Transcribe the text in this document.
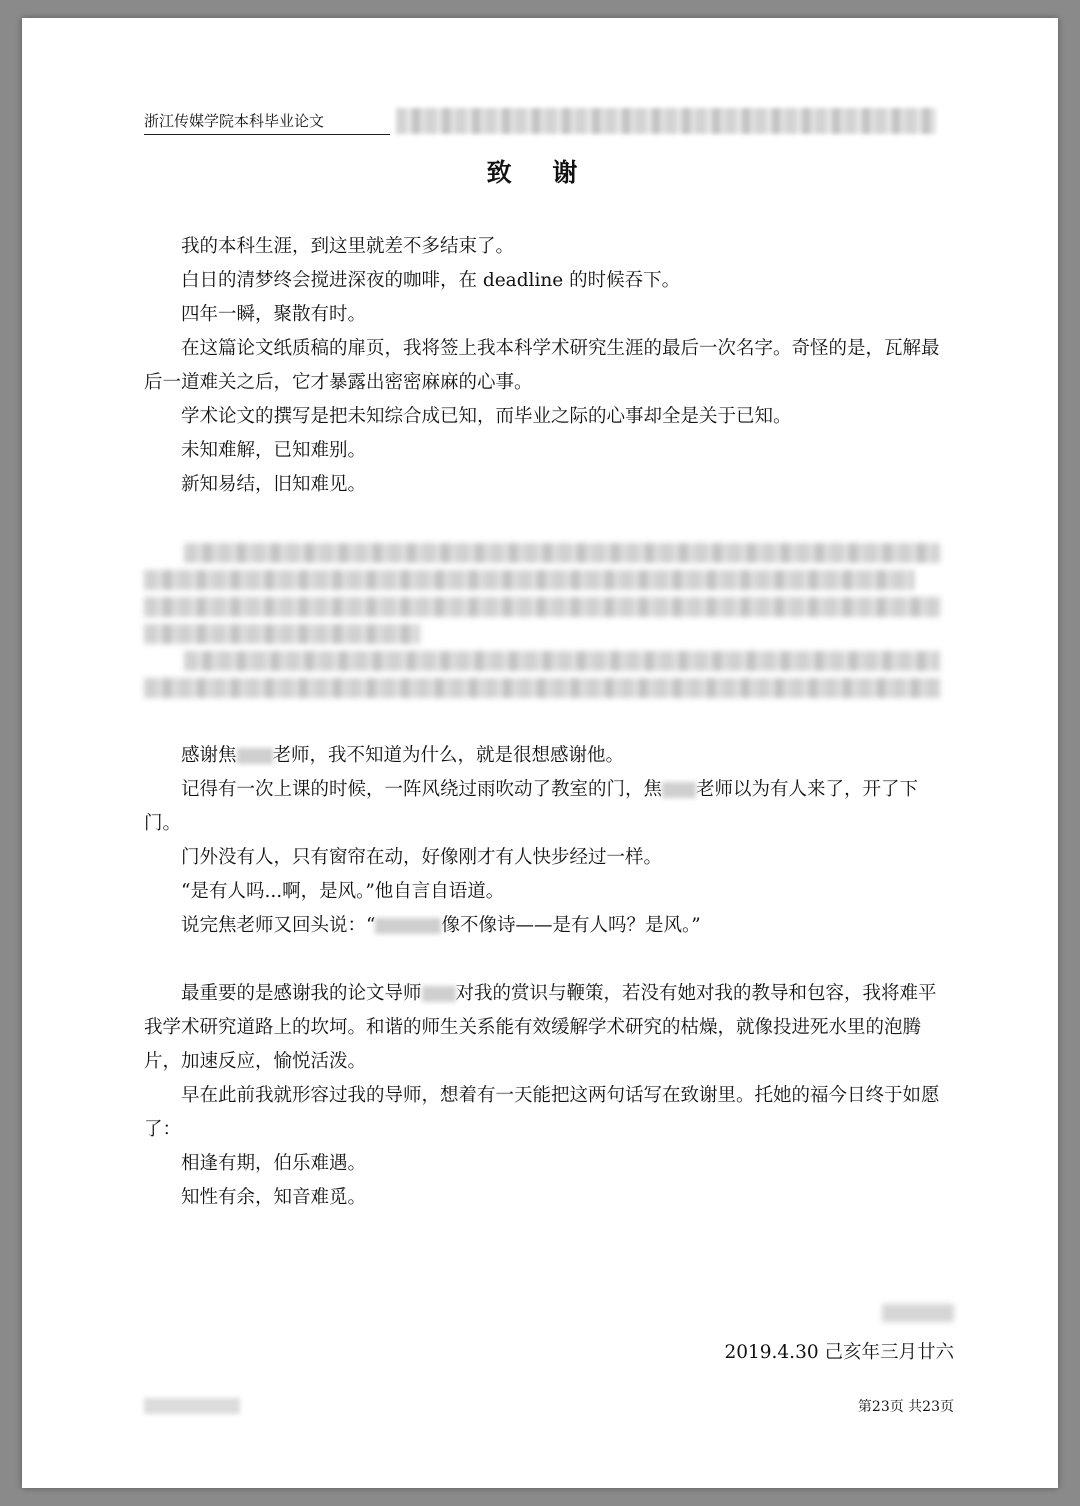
浙江传媒学院本科毕业论文
致 谢

我的本科生涯，到这里就差不多结束了。

白日的清梦终会搅进深夜的咖啡，在 deadline 的时候吞下。

四年一瞬，聚散有时。

在这篇论文纸质稿的扉页，我将签上我本科学术研究生涯的最后一次名字。奇怪的是，瓦解最后一道难关之后，它才暴露出密密麻麻的心事。

学术论文的撰写是把未知综合成已知，而毕业之际的心事却全是关于已知。

未知难解，已知难别。

新知易结，旧知难见。

感谢焦 老师，我不知道为什么，就是很想感谢他。

记得有一次上课的时候，一阵风绕过雨吹动了教室的门，焦 老师以为有人来了，开了下门。

门外没有人，只有窗帘在动，好像刚才有人快步经过一样。

“是有人吗...啊，是风。”他自言自语道。

说完焦老师又回头说：“	像不像诗——是有人吗？是风。”

最重要的是感谢我的论文导师 对我的赏识与鞭策，若没有她对我的教导和包容，我将难平我学术研究道路上的坎坷。和谐的师生关系能有效缓解学术研究的枯燥，就像投进死水里的泡腾片，加速反应，愉悦活泼。

早在此前我就形容过我的导师，想着有一天能把这两句话写在致谢里。托她的福今日终于如愿了：

相逢有期，伯乐难遇。

知性有余，知音难觅。

2019.4.30 己亥年三月廿六
第23页 共23页
